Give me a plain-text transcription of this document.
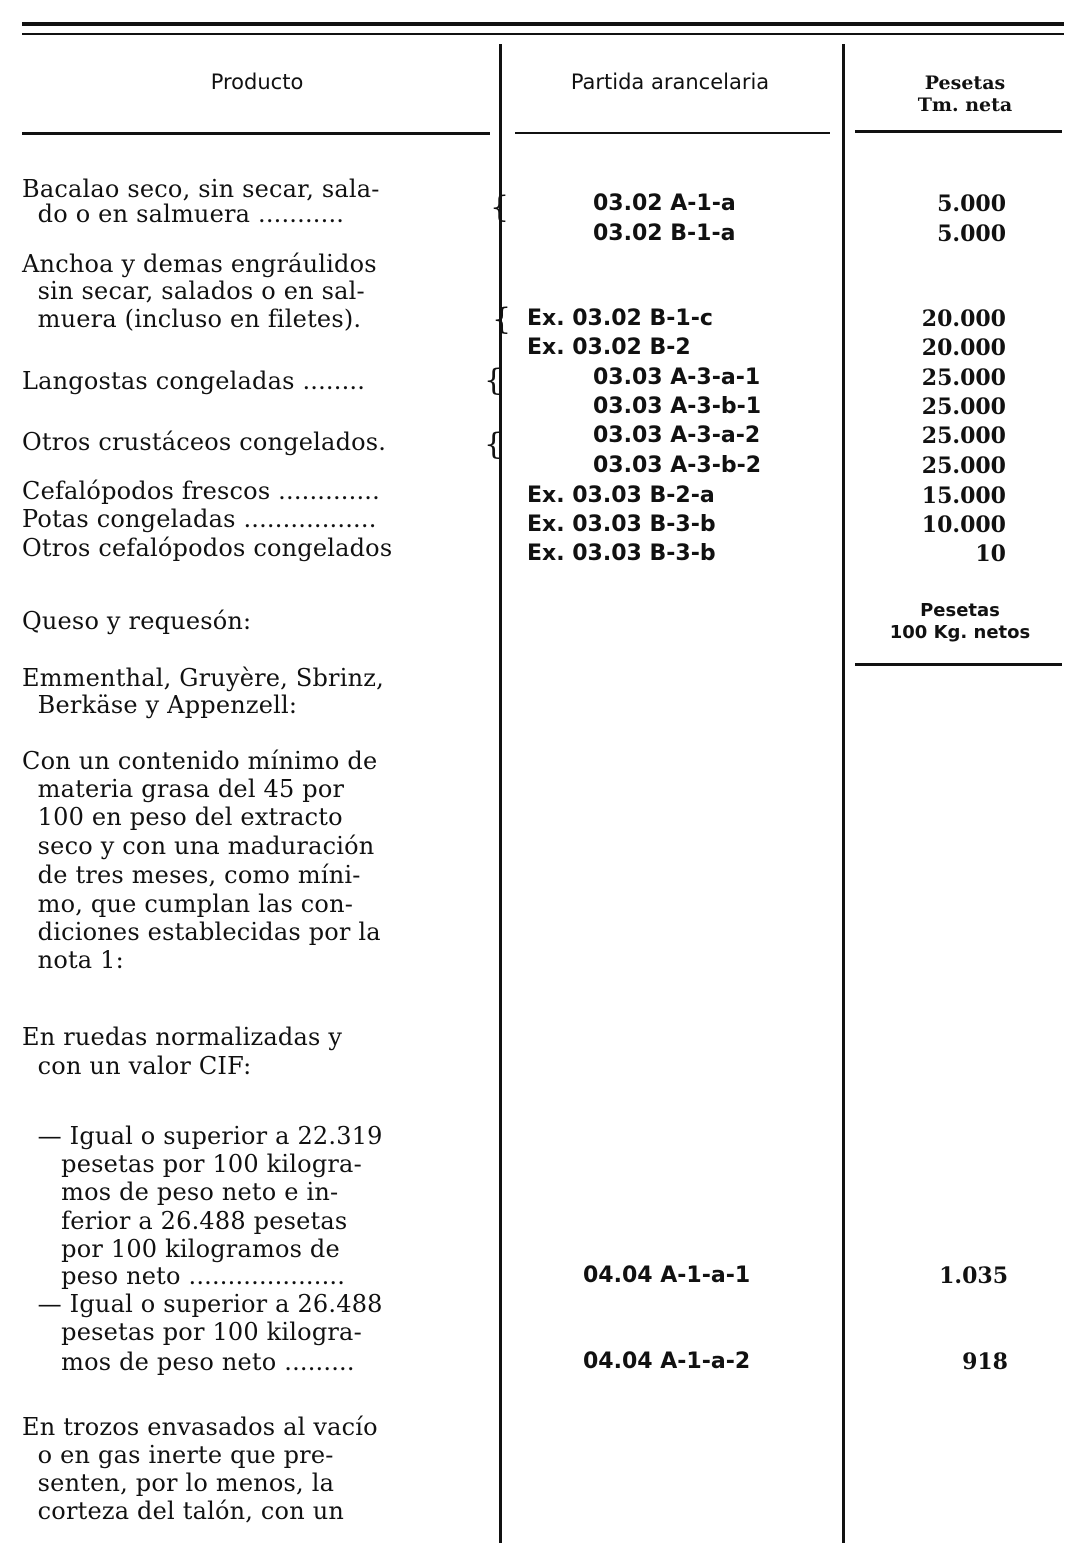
Producto	Partida arancelaria	Pesetas
Tm. neta
Pesetas
100 Kg. netos
{
{
{
{
Bacalao seco, sin secar, sala-
do o en salmuera ...........
Anchoa y demas engráulidos
sin secar, salados o en sal-
muera (incluso en filetes).
Langostas congeladas ........
Otros crustáceos congelados.
Cefalópodos frescos .............
Potas congeladas .................
Otros cefalópodos congelados
Queso y requesón:
Emmenthal, Gruyère, Sbrinz,
Berkäse y Appenzell:
Con un contenido mínimo de
materia grasa del 45 por
100 en peso del extracto
seco y con una maduración
de tres meses, como míni-
mo, que cumplan las con-
diciones establecidas por la
nota 1:
En ruedas normalizadas y
con un valor CIF:
— Igual o superior a 22.319
pesetas por 100 kilogra-
mos de peso neto e in-
ferior a 26.488 pesetas
por 100 kilogramos de
peso neto ....................
— Igual o superior a 26.488
pesetas por 100 kilogra-
mos de peso neto .........
En trozos envasados al vacío
o en gas inerte que pre-
senten, por lo menos, la
corteza del talón, con un
03.02 A-1-a
03.02 B-1-a
Ex. 03.02 B-1-c
Ex. 03.02 B-2
03.03 A-3-a-1
03.03 A-3-b-1
03.03 A-3-a-2
03.03 A-3-b-2
Ex. 03.03 B-2-a
Ex. 03.03 B-3-b
Ex. 03.03 B-3-b
04.04 A-1-a-1
04.04 A-1-a-2
5.000
5.000
20.000
20.000
25.000
25.000
25.000
25.000
15.000
10.000
10
1.035
918
